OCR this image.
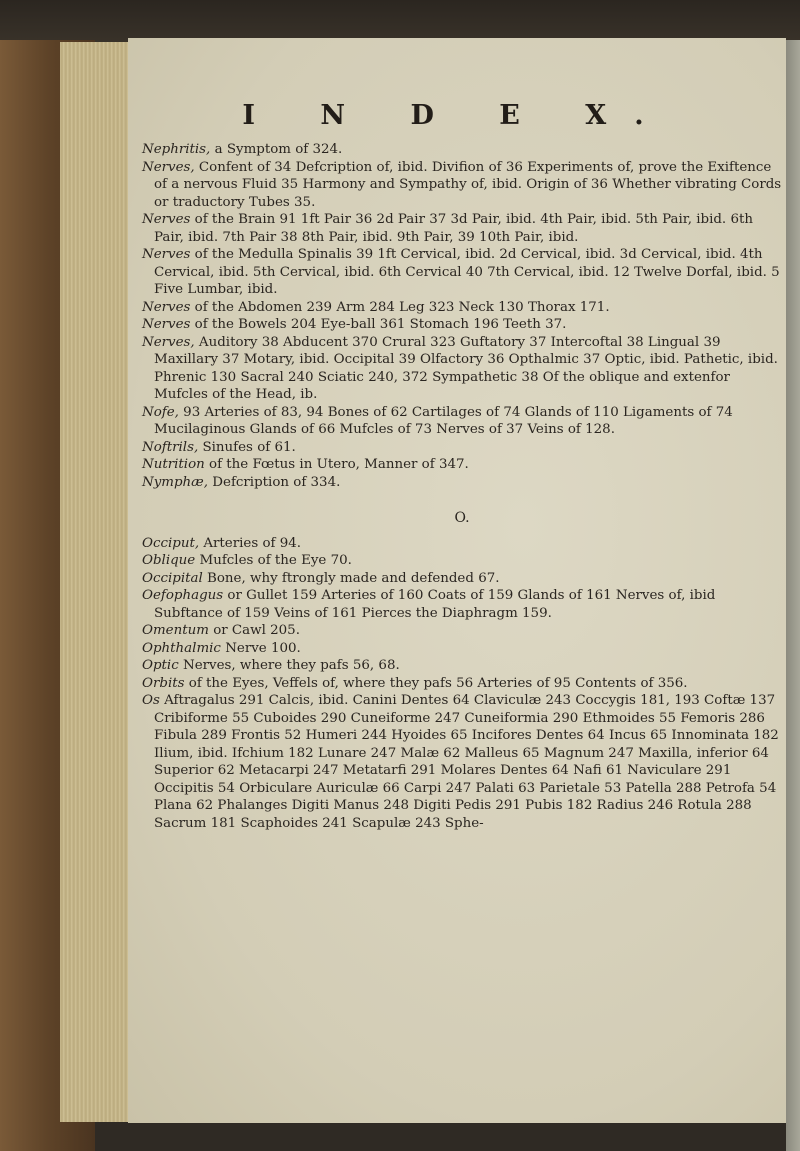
I N D E X.

Nephritis, a Symptom of 324.

Nerves, Confent of 34 Defcription of, ibid. Divifion of 36 Experiments of, prove the Exiftence of a nervous Fluid 35 Harmony and Sympathy of, ibid. Origin of 36 Whether vibrating Cords or traductory Tubes 35.

Nerves of the Brain 91 1ft Pair 36 2d Pair 37 3d Pair, ibid. 4th Pair, ibid. 5th Pair, ibid. 6th Pair, ibid. 7th Pair 38 8th Pair, ibid. 9th Pair, 39 10th Pair, ibid.

Nerves of the Medulla Spinalis 39 1ft Cervical, ibid. 2d Cervical, ibid. 3d Cervical, ibid. 4th Cervical, ibid. 5th Cervical, ibid. 6th Cervical 40 7th Cervical, ibid. 12 Twelve Dorfal, ibid. 5 Five Lumbar, ibid.

Nerves of the Abdomen 239 Arm 284 Leg 323 Neck 130 Thorax 171.

Nerves of the Bowels 204 Eye-ball 361 Stomach 196 Teeth 37.

Nerves, Auditory 38 Abducent 370 Crural 323 Guftatory 37 Intercoftal 38 Lingual 39 Maxillary 37 Motary, ibid. Occipital 39 Olfactory 36 Opthalmic 37 Optic, ibid. Pathetic, ibid. Phrenic 130 Sacral 240 Sciatic 240, 372 Sympathetic 38 Of the oblique and extenfor Mufcles of the Head, ib.

Nofe, 93 Arteries of 83, 94 Bones of 62 Cartilages of 74 Glands of 110 Ligaments of 74 Mucilaginous Glands of 66 Mufcles of 73 Nerves of 37 Veins of 128.

Noftrils, Sinufes of 61.

Nutrition of the Fœtus in Utero, Manner of 347.

Nymphæ, Defcription of 334.

O.

Occiput, Arteries of 94.

Oblique Mufcles of the Eye 70.

Occipital Bone, why ftrongly made and defended 67.

Oefophagus or Gullet 159 Arteries of 160 Coats of 159 Glands of 161 Nerves of, ibid Subftance of 159 Veins of 161 Pierces the Diaphragm 159.

Omentum or Cawl 205.

Ophthalmic Nerve 100.

Optic Nerves, where they pafs 56, 68.

Orbits of the Eyes, Veffels of, where they pafs 56 Arteries of 95 Contents of 356.

Os Aftragalus 291 Calcis, ibid. Canini Dentes 64 Claviculæ 243 Coccygis 181, 193 Coftæ 137 Cribiforme 55 Cuboides 290 Cuneiforme 247 Cuneiformia 290 Ethmoides 55 Femoris 286 Fibula 289 Frontis 52 Humeri 244 Hyoides 65 Incifores Dentes 64 Incus 65 Innominata 182 Ilium, ibid. Ifchium 182 Lunare 247 Malæ 62 Malleus 65 Magnum 247 Maxilla, inferior 64 Superior 62 Metacarpi 247 Metatarfi 291 Molares Dentes 64 Nafi 61 Naviculare 291 Occipitis 54 Orbiculare Auriculæ 66 Carpi 247 Palati 63 Parietale 53 Patella 288 Petrofa 54 Plana 62 Phalanges Digiti Manus 248 Digiti Pedis 291 Pubis 182 Radius 246 Rotula 288 Sacrum 181 Scaphoides 241 Scapulæ 243 Sphe-
